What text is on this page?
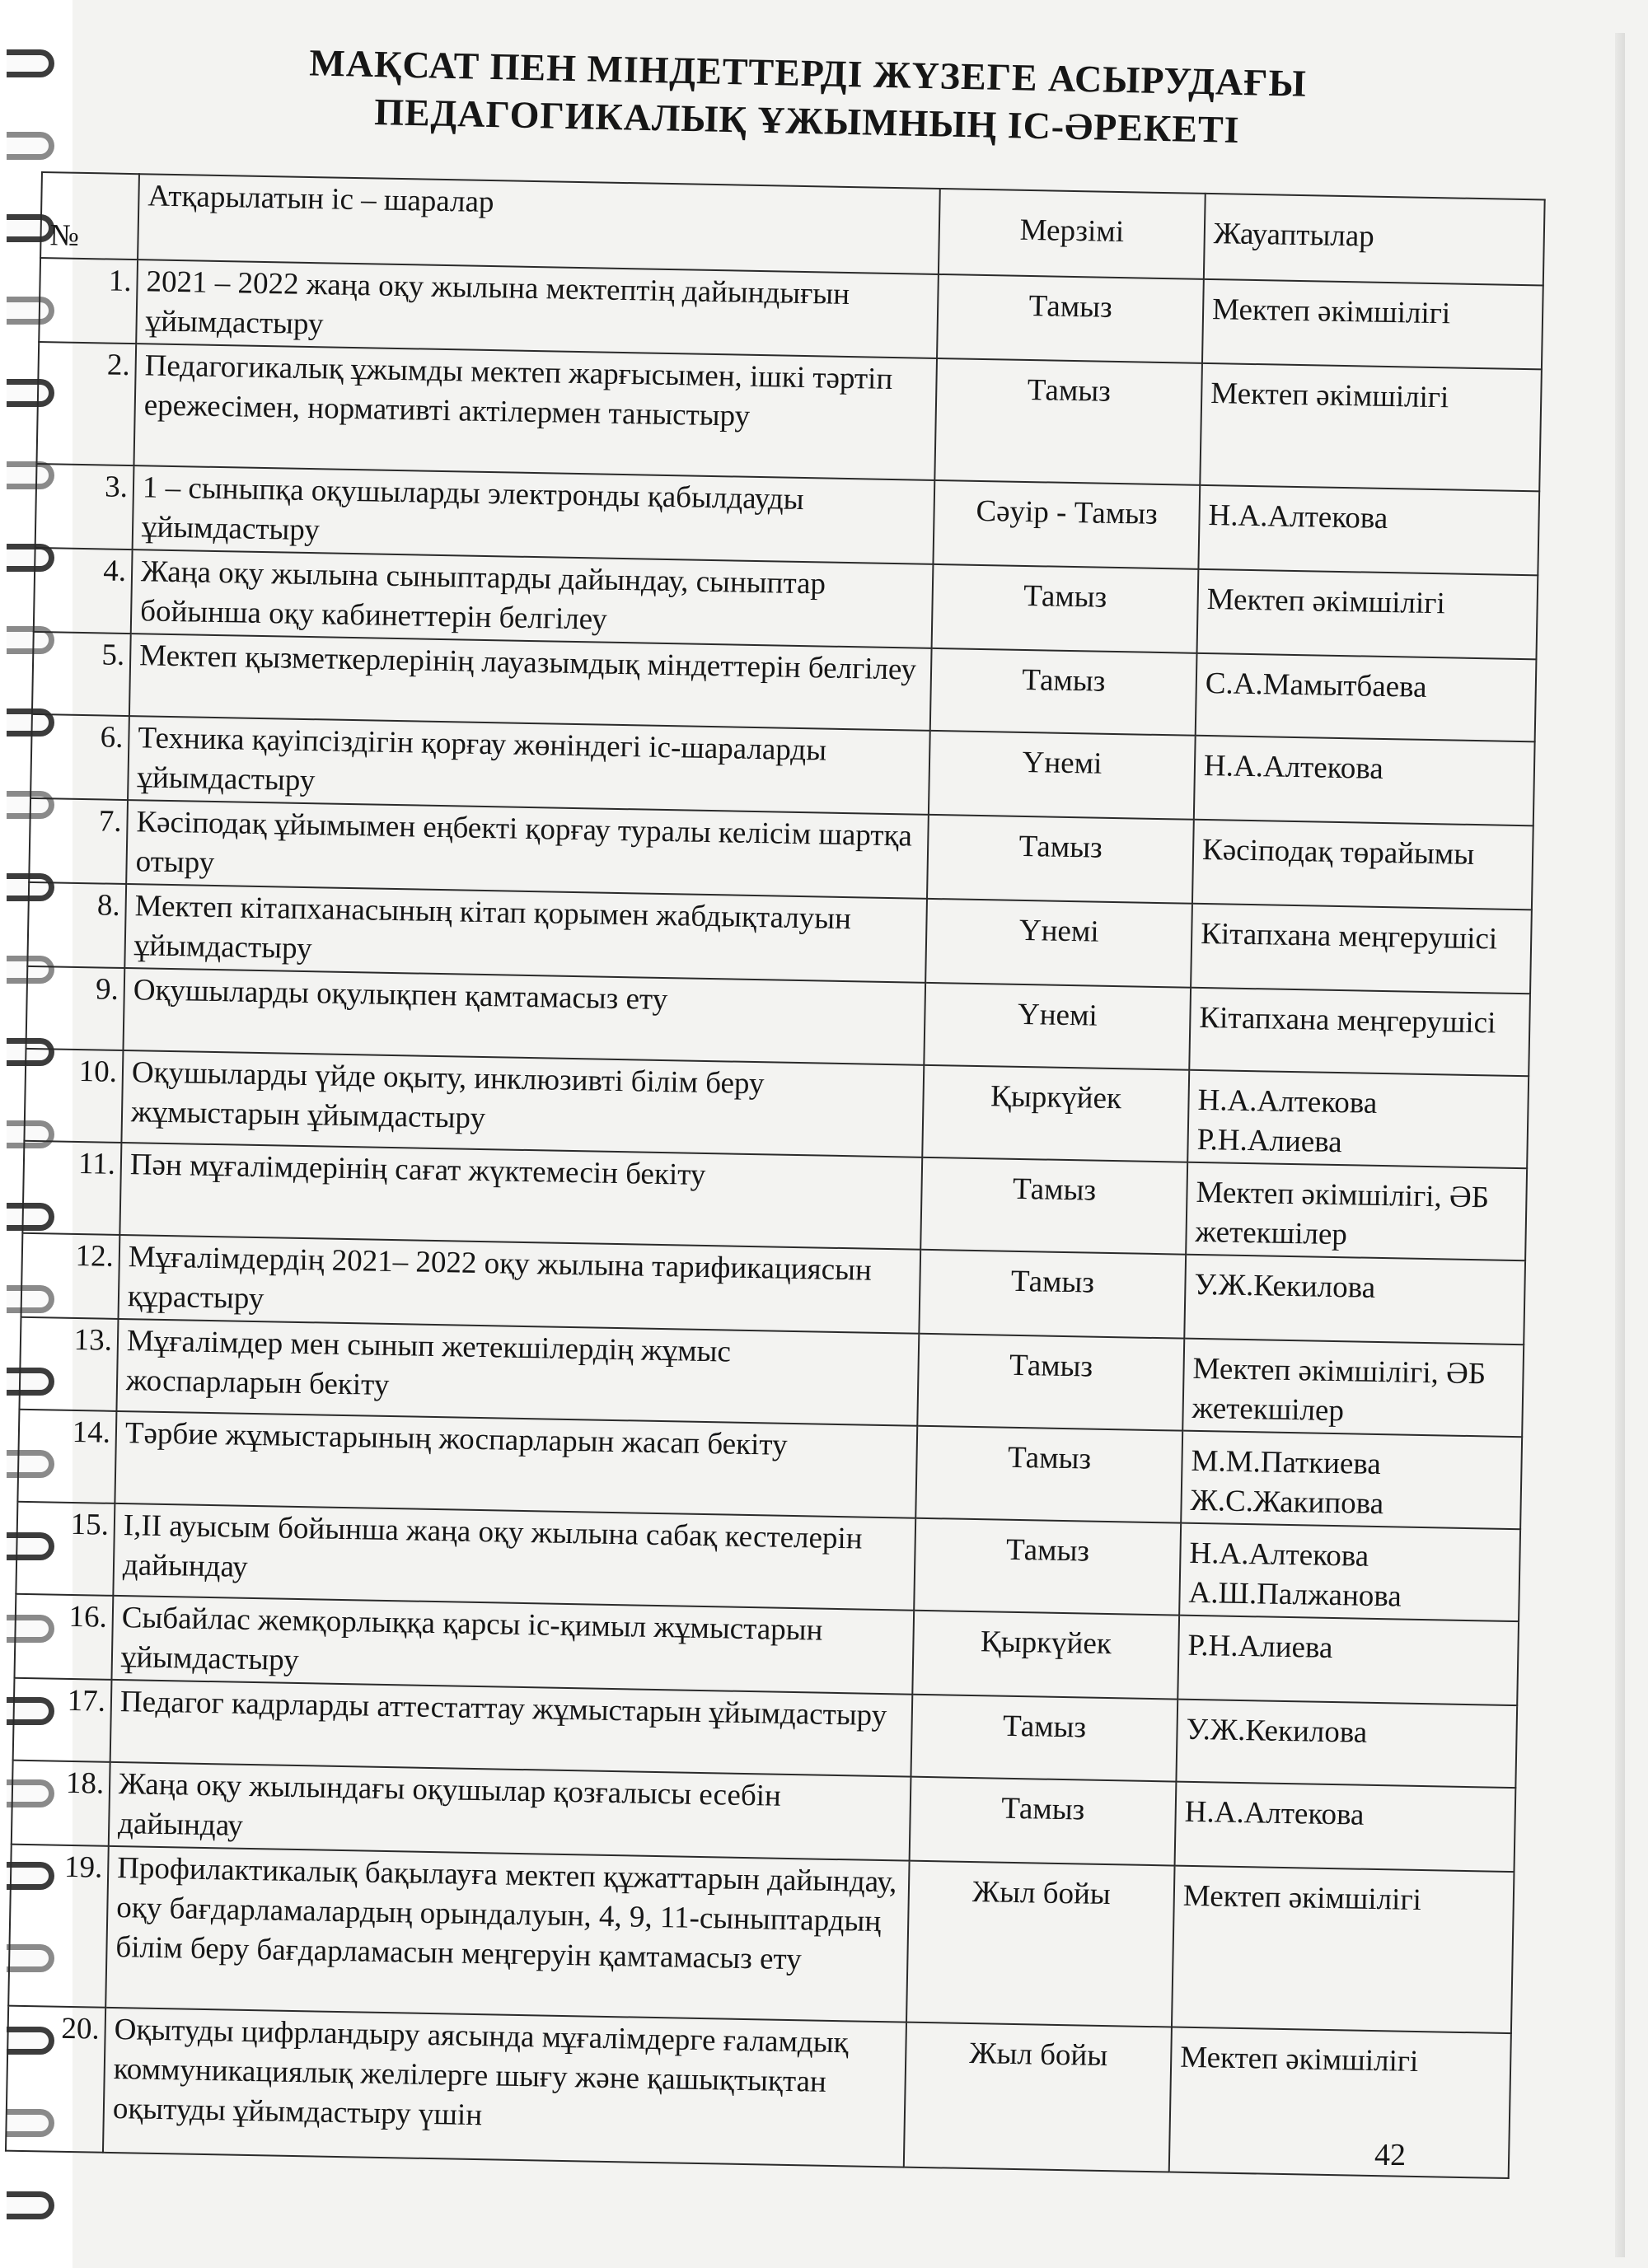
МАҚСАТ ПЕН МІНДЕТТЕРДІ ЖҮЗЕГЕ АСЫРУДАҒЫ
ПЕДАГОГИКАЛЫҚ ҰЖЫМНЫҢ ІС-ӘРЕКЕТІ
№	Атқарылатын іс – шаралар	Мерзімі	Жауаптылар
1.	2021 – 2022 жаңа оқу жылына мектептің дайындығын ұйымдастыру	Тамыз	Мектеп әкімшілігі
2.	Педагогикалық ұжымды мектеп жарғысымен, ішкі тәртіп ережесімен, нормативті актілермен таныстыру	Тамыз	Мектеп әкімшілігі
3.	1 – сыныпқа оқушыларды электронды қабылдауды ұйымдастыру	Сәуір - Тамыз	Н.А.Алтекова
4.	Жаңа оқу жылына сыныптарды дайындау, сыныптар бойынша оқу кабинеттерін белгілеу	Тамыз	Мектеп әкімшілігі
5.	Мектеп қызметкерлерінің лауазымдық міндеттерін белгілеу	Тамыз	С.А.Мамытбаева
6.	Техника қауіпсіздігін қорғау жөніндегі іс-шараларды ұйымдастыру	Үнемі	Н.А.Алтекова
7.	Кәсіподақ ұйымымен еңбекті қорғау туралы келісім шартқа отыру	Тамыз	Кәсіподақ төрайымы
8.	Мектеп кітапханасының кітап қорымен жабдықталуын ұйымдастыру	Үнемі	Кітапхана меңгерушісі
9.	Оқушыларды оқулықпен қамтамасыз ету	Үнемі	Кітапхана меңгерушісі
10.	Оқушыларды үйде оқыту, инклюзивті білім беру жұмыстарын ұйымдастыру	Қыркүйек	Н.А.Алтекова Р.Н.Алиева
11.	Пән мұғалімдерінің сағат жүктемесін бекіту	Тамыз	Мектеп әкімшілігі, ӘБ жетекшілер
12.	Мұғалімдердің 2021– 2022 оқу жылына тарификациясын құрастыру	Тамыз	У.Ж.Кекилова
13.	Мұғалімдер мен сынып жетекшілердің жұмыс жоспарларын бекіту	Тамыз	Мектеп әкімшілігі, ӘБ жетекшілер
14.	Тәрбие жұмыстарының жоспарларын жасап бекіту	Тамыз	М.М.Паткиева Ж.С.Жакипова
15.	I,II ауысым бойынша жаңа оқу жылына сабақ кестелерін дайындау	Тамыз	Н.А.Алтекова А.Ш.Палжанова
16.	Сыбайлас жемқорлыққа қарсы іс-қимыл жұмыстарын ұйымдастыру	Қыркүйек	Р.Н.Алиева
17.	Педагог кадрларды аттестаттау жұмыстарын ұйымдастыру	Тамыз	У.Ж.Кекилова
18.	Жаңа оқу жылындағы оқушылар қозғалысы есебін дайындау	Тамыз	Н.А.Алтекова
19.	Профилактикалық бақылауға мектеп құжаттарын дайындау, оқу бағдарламалардың орындалуын, 4, 9, 11-сыныптардың білім беру бағдарламасын меңгеруін қамтамасыз ету	Жыл бойы	Мектеп әкімшілігі
20.	Оқытуды цифрландыру аясында мұғалімдерге ғаламдық коммуникациялық желілерге шығу және қашықтықтан оқытуды ұйымдастыру үшін	Жыл бойы	Мектеп әкімшілігі
42
